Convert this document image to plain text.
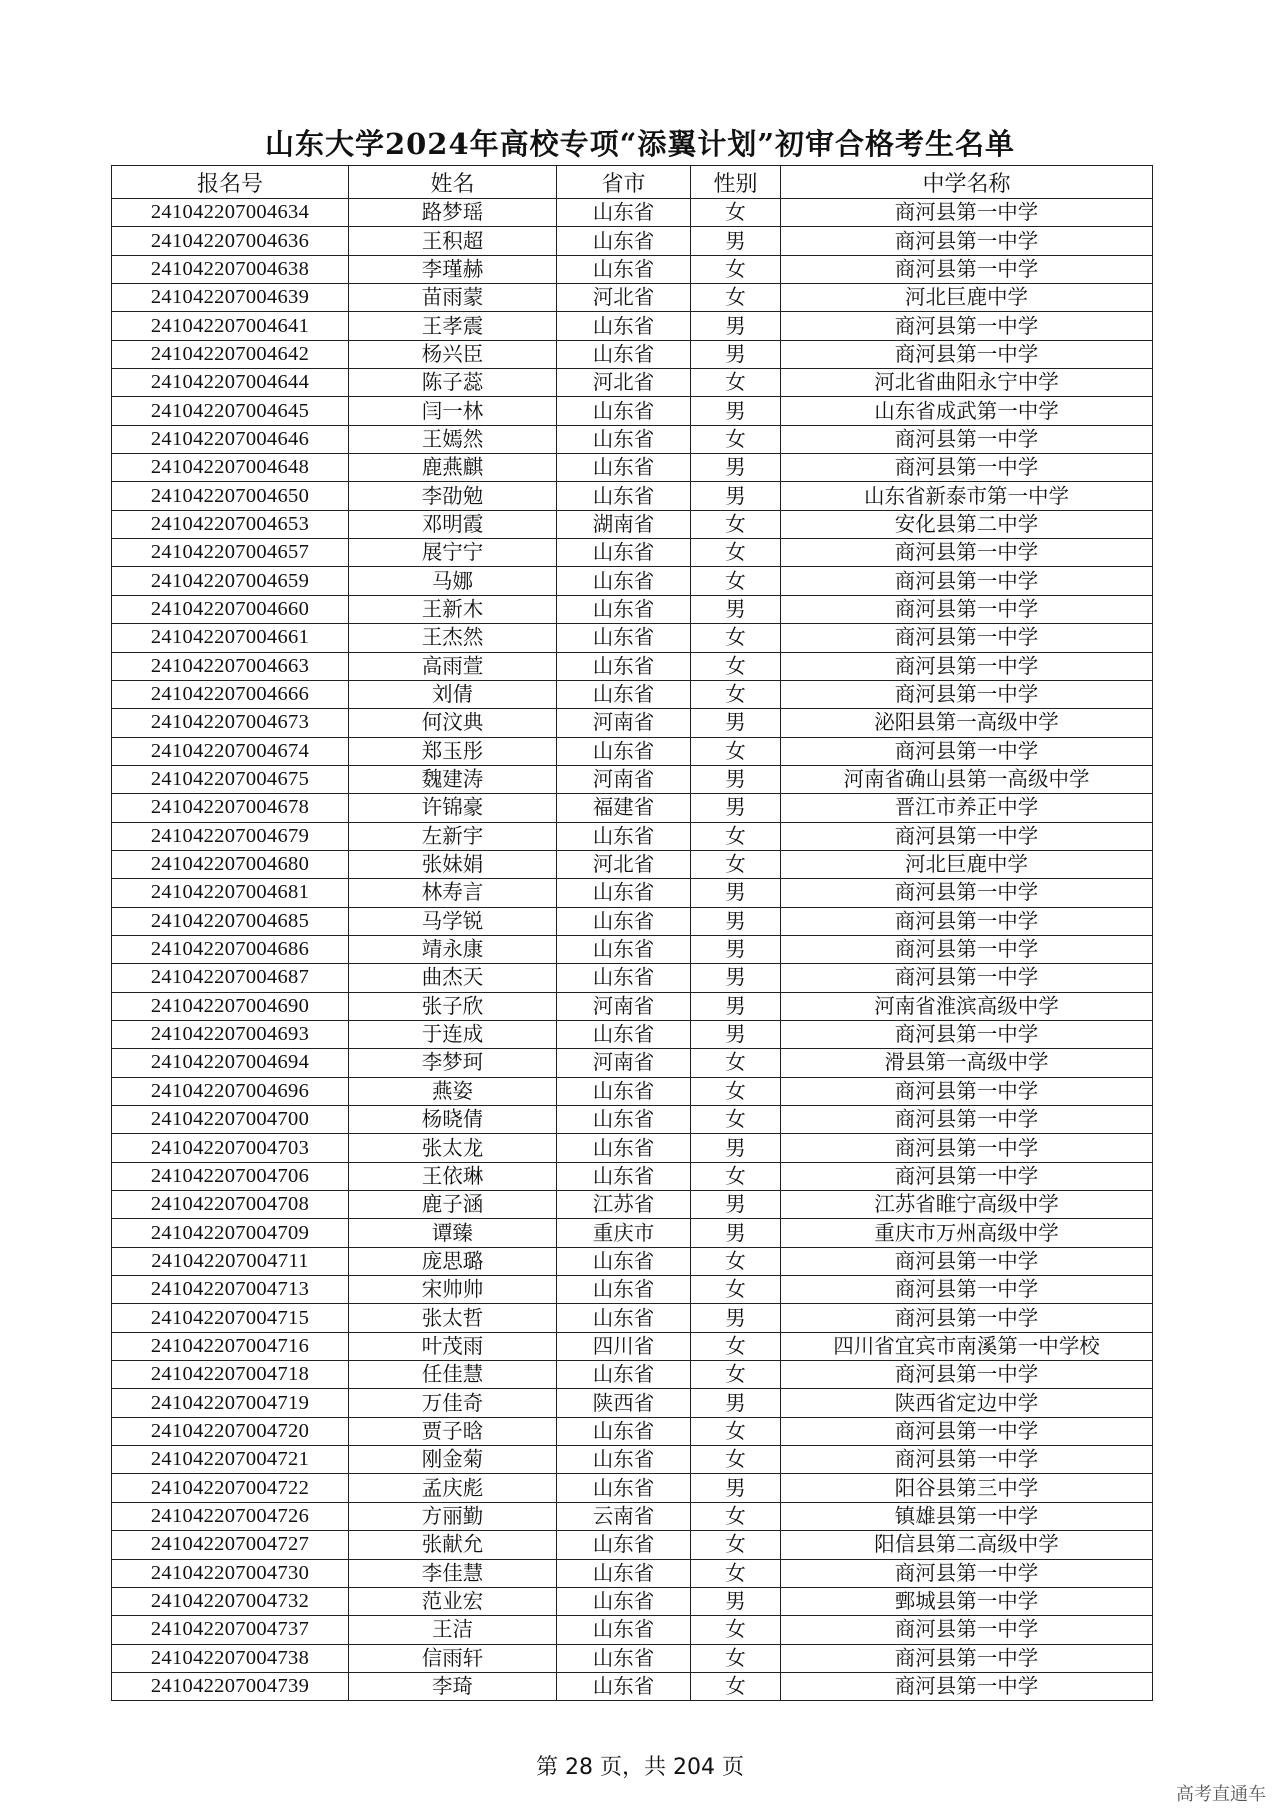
山东大学2024年高校专项“添翼计划”初审合格考生名单
报名号	姓名	省市	性别	中学名称
241042207004634	路梦瑶	山东省	女	商河县第一中学
241042207004636	王积超	山东省	男	商河县第一中学
241042207004638	李瑾赫	山东省	女	商河县第一中学
241042207004639	苗雨蒙	河北省	女	河北巨鹿中学
241042207004641	王孝震	山东省	男	商河县第一中学
241042207004642	杨兴臣	山东省	男	商河县第一中学
241042207004644	陈子蕊	河北省	女	河北省曲阳永宁中学
241042207004645	闫一林	山东省	男	山东省成武第一中学
241042207004646	王嫣然	山东省	女	商河县第一中学
241042207004648	鹿燕麒	山东省	男	商河县第一中学
241042207004650	李劭勉	山东省	男	山东省新泰市第一中学
241042207004653	邓明霞	湖南省	女	安化县第二中学
241042207004657	展宁宁	山东省	女	商河县第一中学
241042207004659	马娜	山东省	女	商河县第一中学
241042207004660	王新木	山东省	男	商河县第一中学
241042207004661	王杰然	山东省	女	商河县第一中学
241042207004663	高雨萱	山东省	女	商河县第一中学
241042207004666	刘倩	山东省	女	商河县第一中学
241042207004673	何汶典	河南省	男	泌阳县第一高级中学
241042207004674	郑玉彤	山东省	女	商河县第一中学
241042207004675	魏建涛	河南省	男	河南省确山县第一高级中学
241042207004678	许锦豪	福建省	男	晋江市养正中学
241042207004679	左新宇	山东省	女	商河县第一中学
241042207004680	张妹娟	河北省	女	河北巨鹿中学
241042207004681	林寿言	山东省	男	商河县第一中学
241042207004685	马学锐	山东省	男	商河县第一中学
241042207004686	靖永康	山东省	男	商河县第一中学
241042207004687	曲杰天	山东省	男	商河县第一中学
241042207004690	张子欣	河南省	男	河南省淮滨高级中学
241042207004693	于连成	山东省	男	商河县第一中学
241042207004694	李梦珂	河南省	女	滑县第一高级中学
241042207004696	燕姿	山东省	女	商河县第一中学
241042207004700	杨晓倩	山东省	女	商河县第一中学
241042207004703	张太龙	山东省	男	商河县第一中学
241042207004706	王依琳	山东省	女	商河县第一中学
241042207004708	鹿子涵	江苏省	男	江苏省睢宁高级中学
241042207004709	谭臻	重庆市	男	重庆市万州高级中学
241042207004711	庞思璐	山东省	女	商河县第一中学
241042207004713	宋帅帅	山东省	女	商河县第一中学
241042207004715	张太哲	山东省	男	商河县第一中学
241042207004716	叶茂雨	四川省	女	四川省宜宾市南溪第一中学校
241042207004718	任佳慧	山东省	女	商河县第一中学
241042207004719	万佳奇	陕西省	男	陕西省定边中学
241042207004720	贾子晗	山东省	女	商河县第一中学
241042207004721	刚金菊	山东省	女	商河县第一中学
241042207004722	孟庆彪	山东省	男	阳谷县第三中学
241042207004726	方丽勤	云南省	女	镇雄县第一中学
241042207004727	张献允	山东省	女	阳信县第二高级中学
241042207004730	李佳慧	山东省	女	商河县第一中学
241042207004732	范业宏	山东省	男	鄄城县第一中学
241042207004737	王洁	山东省	女	商河县第一中学
241042207004738	信雨轩	山东省	女	商河县第一中学
241042207004739	李琦	山东省	女	商河县第一中学
第 28 页，共 204 页
高考直通车
